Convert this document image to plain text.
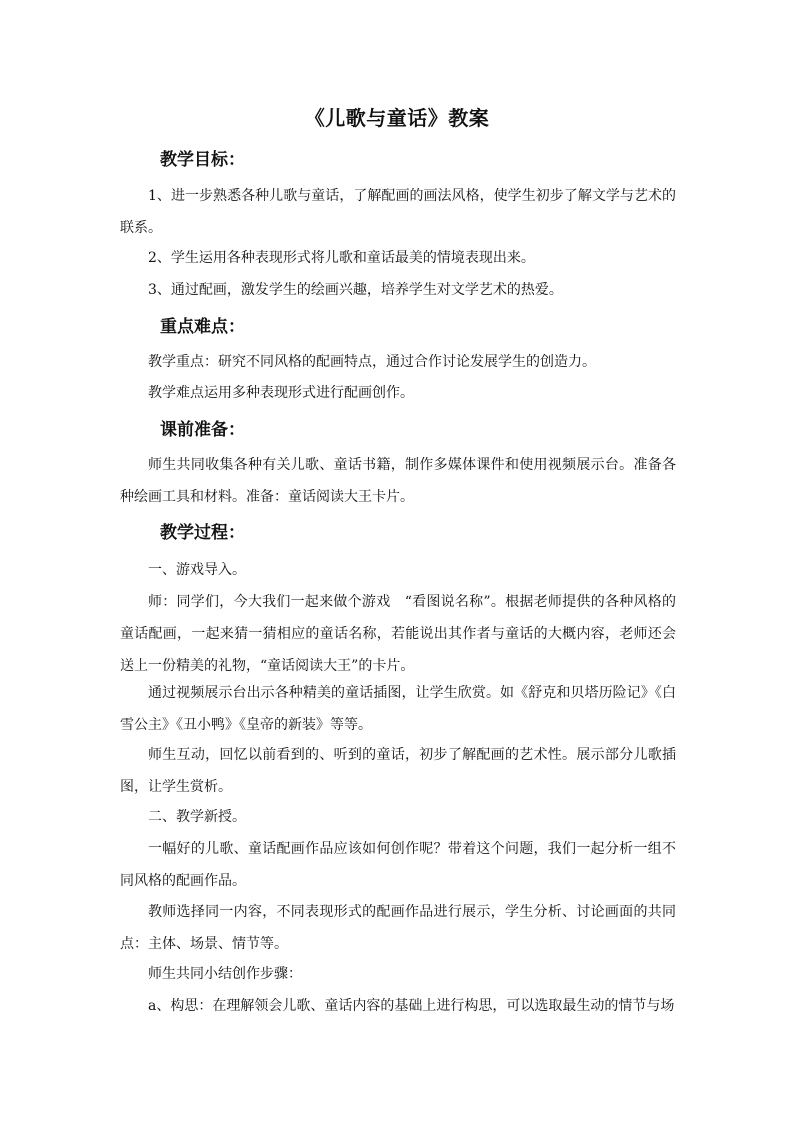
《儿歌与童话》教案
教学目标：

1、进一步熟悉各种儿歌与童话，了解配画的画法风格，使学生初步了解文学与艺术的联系。

2、学生运用各种表现形式将儿歌和童话最美的情境表现出来。

3、通过配画，激发学生的绘画兴趣，培养学生对文学艺术的热爱。

重点难点：

教学重点：研究不同风格的配画特点，通过合作讨论发展学生的创造力。

教学难点运用多种表现形式进行配画创作。

课前准备：

师生共同收集各种有关儿歌、童话书籍，制作多媒体课件和使用视频展示台。准备各种绘画工具和材料。准备：童话阅读大王卡片。

教学过程：

一、游戏导入。

师：同学们，今大我们一起来做个游戏　“看图说名称”。根据老师提供的各种风格的童话配画，一起来猜一猜相应的童话名称，若能说出其作者与童话的大概内容，老师还会送上一份精美的礼物，“童话阅读大王”的卡片。

通过视频展示台出示各种精美的童话插图，让学生欣赏。如《舒克和贝塔历险记》《白雪公主》《丑小鸭》《皇帝的新装》等等。

师生互动，回忆以前看到的、听到的童话，初步了解配画的艺术性。展示部分儿歌插图，让学生赏析。

二、教学新授。

一幅好的儿歌、童话配画作品应该如何创作呢？带着这个问题，我们一起分析一组不同风格的配画作品。

教师选择同一内容，不同表现形式的配画作品进行展示，学生分析、讨论画面的共同点：主体、场景、情节等。

师生共同小结创作步骤：

a、构思：在理解领会儿歌、童话内容的基础上进行构思，可以选取最生动的情节与场
